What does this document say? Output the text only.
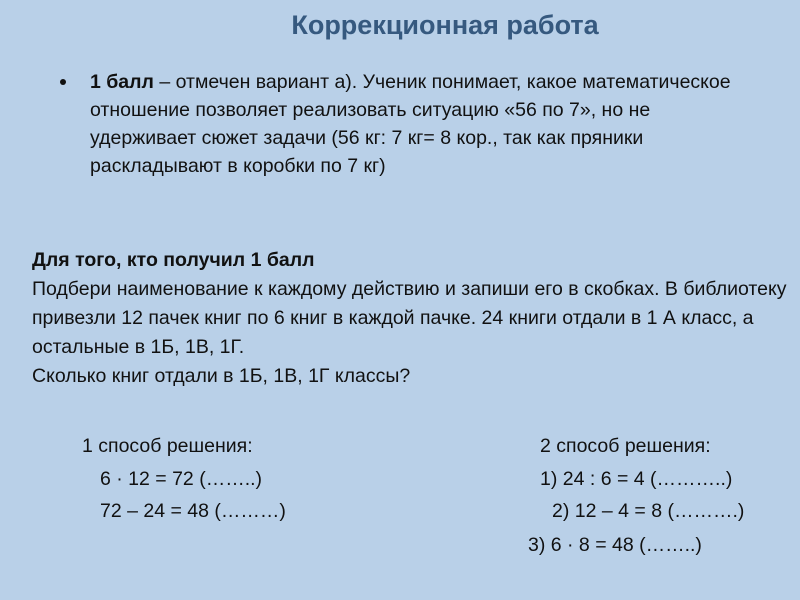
Коррекционная работа
1 балл – отмечен вариант а). Ученик понимает, какое математическое отношение позволяет реализовать ситуацию «56 по 7», но не удерживает сюжет задачи (56 кг: 7 кг= 8 кор., так как пряники раскладывают в коробки по 7 кг)
Для того, кто получил 1 балл
Подбери наименование к каждому действию и запиши его в скобках. В библиотеку привезли 12 пачек книг по 6 книг в каждой пачке. 24 книги отдали в 1 А класс, а остальные в 1Б, 1В, 1Г.
Сколько книг отдали в 1Б, 1В, 1Г классы?
1 способ решения:
6 · 12 = 72 (……..)
72 – 24 = 48 (………)
2 способ решения:
1) 24 : 6 = 4 (………..)
2) 12 – 4 = 8 (……….)
3) 6 · 8 = 48 (……..)
